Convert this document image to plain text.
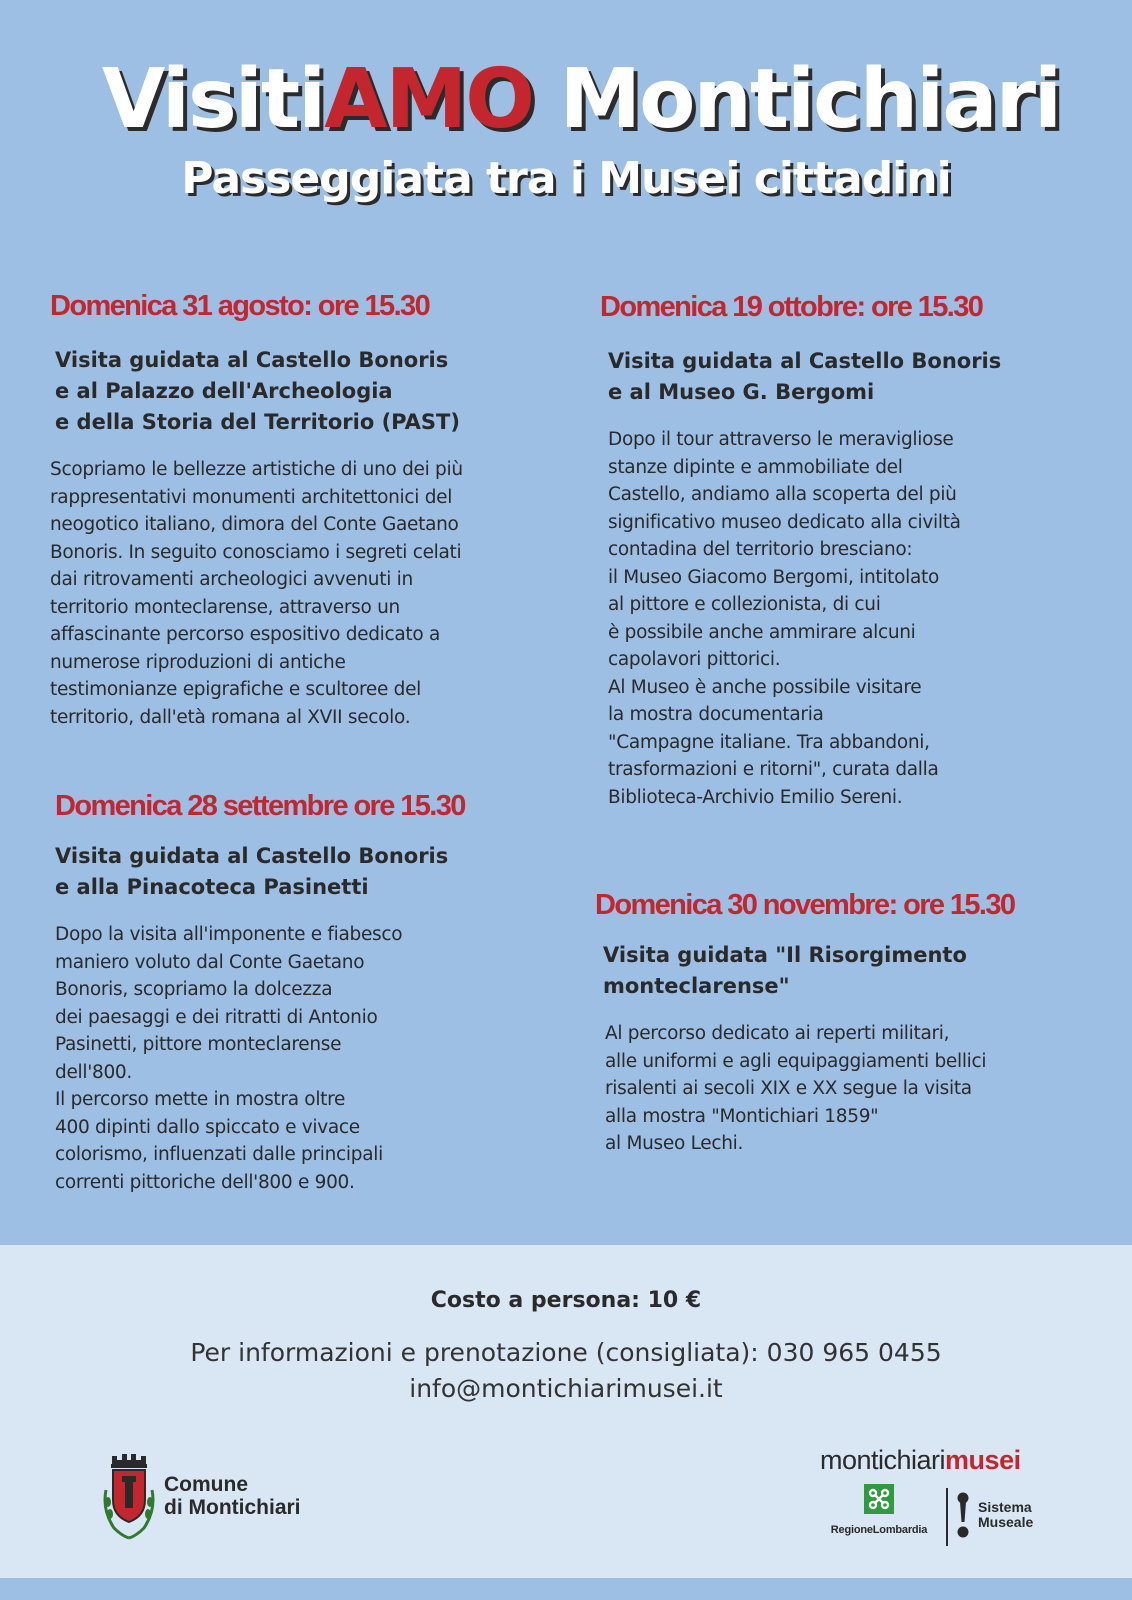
VisitiAMO Montichiari
Passeggiata tra i Musei cittadini
Domenica 31 agosto: ore 15.30
Visita guidata al Castello Bonoris
e al Palazzo dell'Archeologia
e della Storia del Territorio (PAST)
Scopriamo le bellezze artistiche di uno dei più
rappresentativi monumenti architettonici del
neogotico italiano, dimora del Conte Gaetano
Bonoris. In seguito conosciamo i segreti celati
dai ritrovamenti archeologici avvenuti in
territorio monteclarense, attraverso un
affascinante percorso espositivo dedicato a
numerose riproduzioni di antiche
testimonianze epigrafiche e scultoree del
territorio, dall'età romana al XVII secolo.
Domenica 28 settembre ore 15.30
Visita guidata al Castello Bonoris
e alla Pinacoteca Pasinetti
Dopo la visita all'imponente e fiabesco
maniero voluto dal Conte Gaetano
Bonoris, scopriamo la dolcezza
dei paesaggi e dei ritratti di Antonio
Pasinetti, pittore monteclarense
dell'800.
Il percorso mette in mostra oltre
400 dipinti dallo spiccato e vivace
colorismo, influenzati dalle principali
correnti pittoriche dell'800 e 900.
Domenica 19 ottobre: ore 15.30
Visita guidata al Castello Bonoris
e al Museo G. Bergomi
Dopo il tour attraverso le meravigliose
stanze dipinte e ammobiliate del
Castello, andiamo alla scoperta del più
significativo museo dedicato alla civiltà
contadina del territorio bresciano:
il Museo Giacomo Bergomi, intitolato
al pittore e collezionista, di cui
è possibile anche ammirare alcuni
capolavori pittorici.
Al Museo è anche possibile visitare
la mostra documentaria
"Campagne italiane. Tra abbandoni,
trasformazioni e ritorni", curata dalla
Biblioteca-Archivio Emilio Sereni.
Domenica 30 novembre: ore 15.30
Visita guidata "Il Risorgimento
monteclarense"
Al percorso dedicato ai reperti militari,
alle uniformi e agli equipaggiamenti bellici
risalenti ai secoli XIX e XX segue la visita
alla mostra "Montichiari 1859"
al Museo Lechi.
Costo a persona: 10 €
Per informazioni e prenotazione (consigliata): 030 965 0455
info@montichiarimusei.it
Comune
di Montichiari
montichiarimusei
RegioneLombardia
Sistema
Museale
